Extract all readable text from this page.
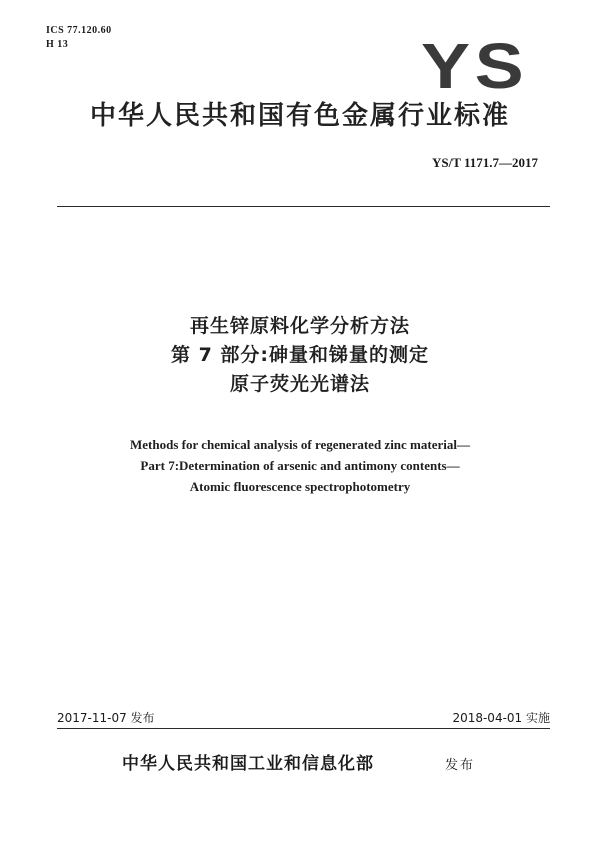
ICS 77.120.60
H 13	YS
中华人民共和国有色金属行业标准
YS/T 1171.7—2017
再生锌原料化学分析方法
第 7 部分:砷量和锑量的测定
原子荧光光谱法
Methods for chemical analysis of regenerated zinc material—
Part 7:Determination of arsenic and antimony contents—
Atomic fluorescence spectrophotometry
2017-11-07 发布	2018-04-01 实施
中华人民共和国工业和信息化部	发布
